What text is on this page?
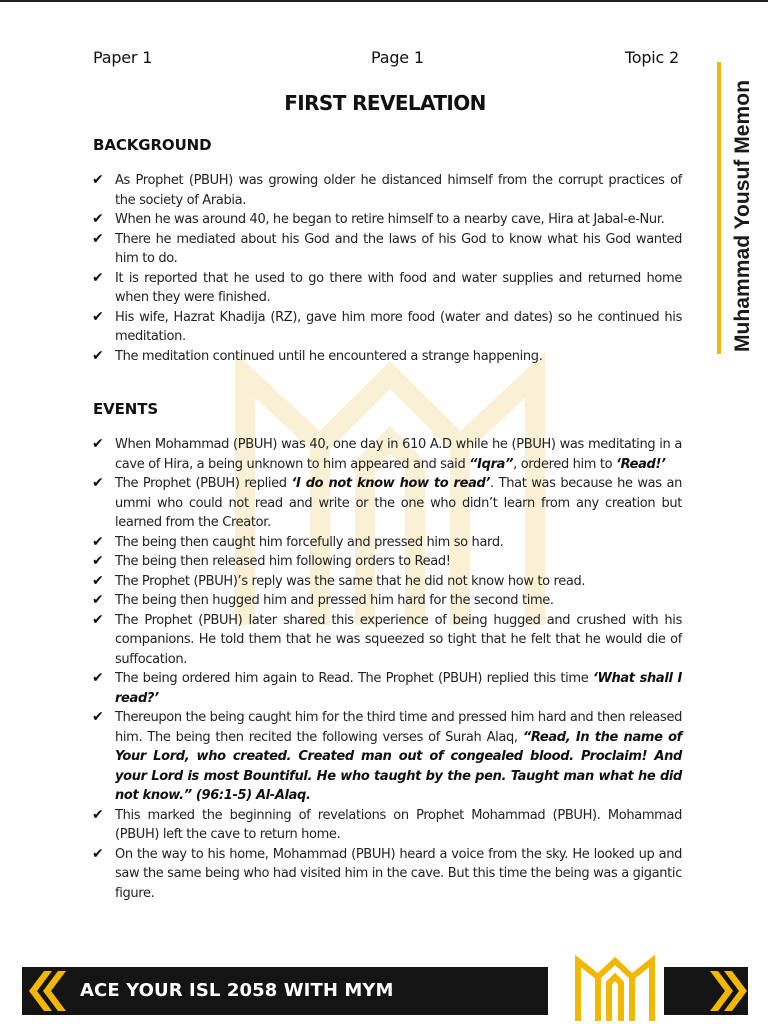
Paper 1	Page 1	Topic 2
Muhammad Yousuf Memon
FIRST REVELATION
BACKGROUND
✔ As Prophet (PBUH) was growing older he distanced himself from the corrupt practices of the society of Arabia.
✔ When he was around 40, he began to retire himself to a nearby cave, Hira at Jabal-e-Nur.
✔ There he mediated about his God and the laws of his God to know what his God wanted him to do.
✔ It is reported that he used to go there with food and water supplies and returned home when they were finished.
✔ His wife, Hazrat Khadija (RZ), gave him more food (water and dates) so he continued his meditation.
✔ The meditation continued until he encountered a strange happening.
EVENTS
✔ When Mohammad (PBUH) was 40, one day in 610 A.D while he (PBUH) was meditating in a cave of Hira, a being unknown to him appeared and said “Iqra”, ordered him to ‘Read!’
✔ The Prophet (PBUH) replied ‘I do not know how to read’. That was because he was an ummi who could not read and write or the one who didn’t learn from any creation but learned from the Creator.
✔ The being then caught him forcefully and pressed him so hard.
✔ The being then released him following orders to Read!
✔ The Prophet (PBUH)’s reply was the same that he did not know how to read.
✔ The being then hugged him and pressed him hard for the second time.
✔ The Prophet (PBUH) later shared this experience of being hugged and crushed with his companions. He told them that he was squeezed so tight that he felt that he would die of suffocation.
✔ The being ordered him again to Read. The Prophet (PBUH) replied this time ‘What shall I read?’
✔ Thereupon the being caught him for the third time and pressed him hard and then released him. The being then recited the following verses of Surah Alaq, “Read, In the name of Your Lord, who created. Created man out of congealed blood. Proclaim! And your Lord is most Bountiful. He who taught by the pen. Taught man what he did not know.” (96:1-5) Al-Alaq.
✔ This marked the beginning of revelations on Prophet Mohammad (PBUH). Mohammad (PBUH) left the cave to return home.
✔ On the way to his home, Mohammad (PBUH) heard a voice from the sky. He looked up and saw the same being who had visited him in the cave. But this time the being was a gigantic figure.
ACE YOUR ISL 2058 WITH MYM
